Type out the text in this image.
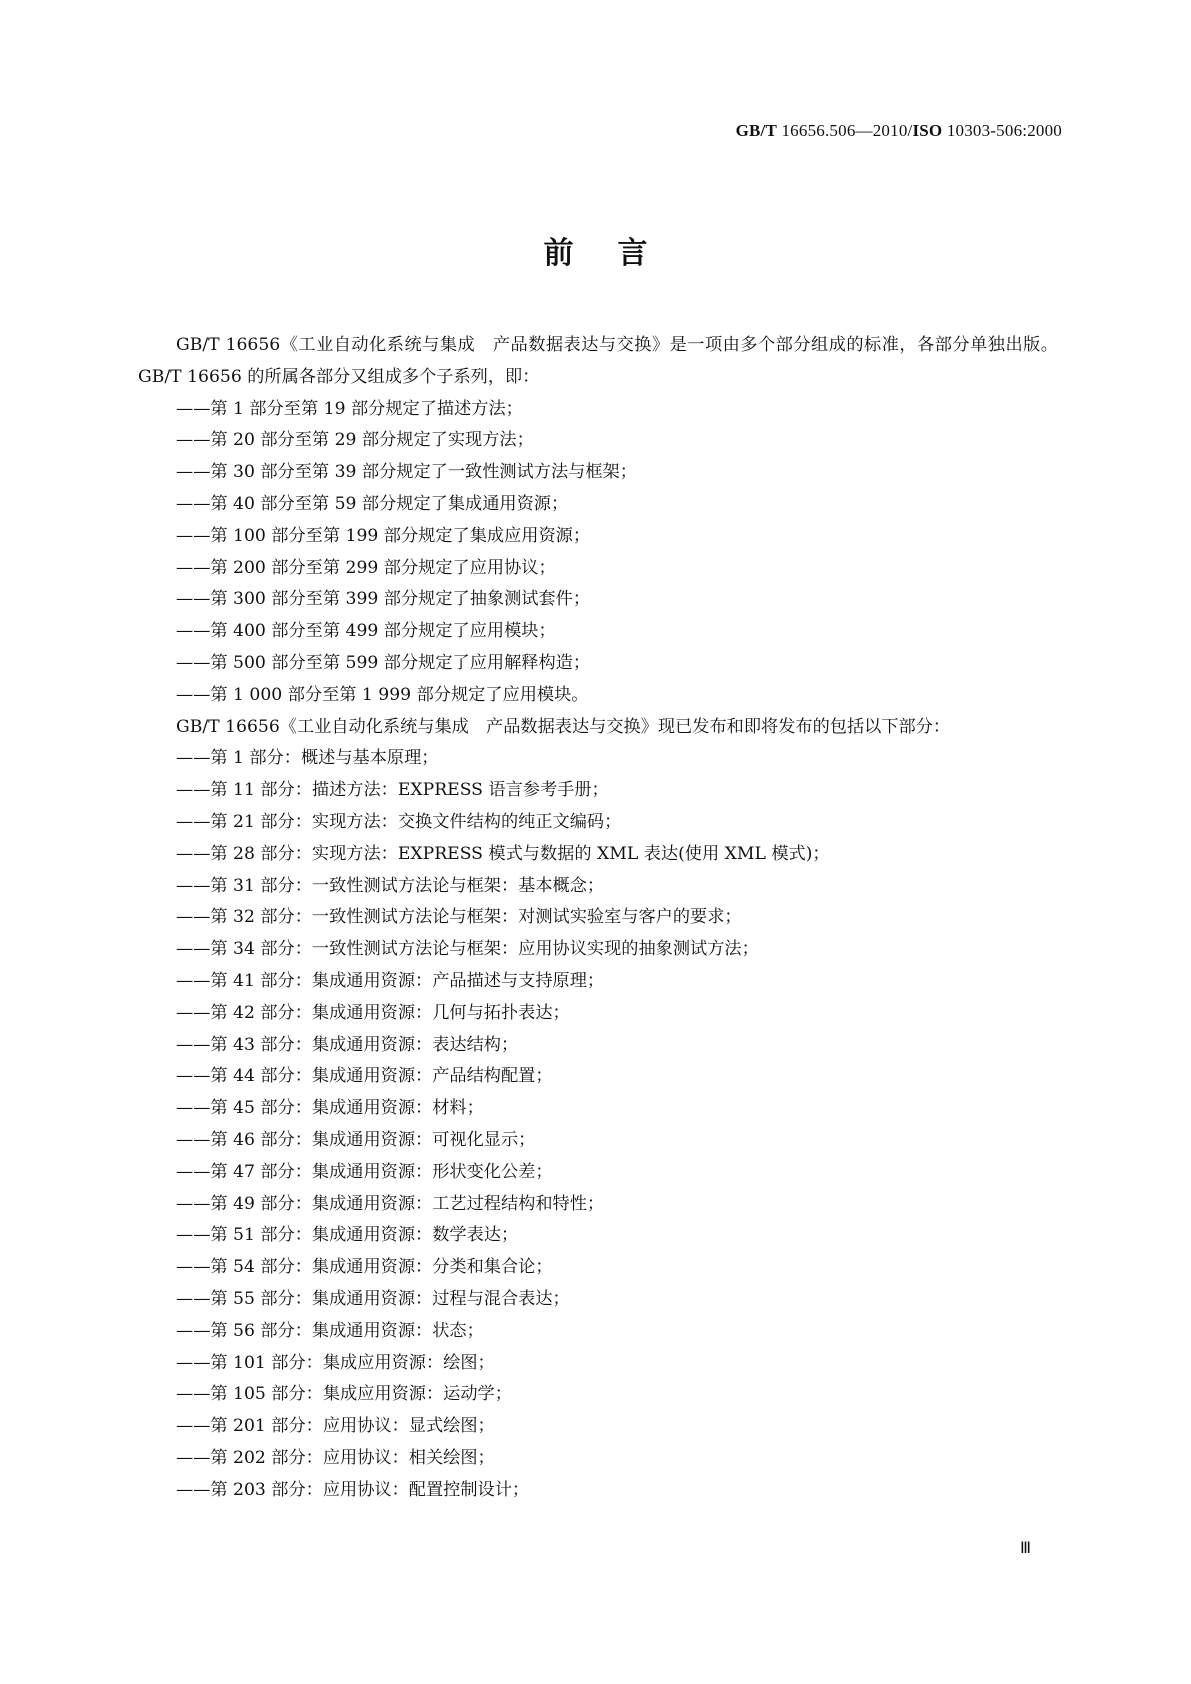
GB/T 16656.506—2010/ISO 10303-506:2000
前言

GB/T 16656《工业自动化系统与集成　产品数据表达与交换》是一项由多个部分组成的标准，各部分单独出版。GB/T 16656 的所属各部分又组成多个子系列，即：

——第 1 部分至第 19 部分规定了描述方法；

——第 20 部分至第 29 部分规定了实现方法；

——第 30 部分至第 39 部分规定了一致性测试方法与框架；

——第 40 部分至第 59 部分规定了集成通用资源；

——第 100 部分至第 199 部分规定了集成应用资源；

——第 200 部分至第 299 部分规定了应用协议；

——第 300 部分至第 399 部分规定了抽象测试套件；

——第 400 部分至第 499 部分规定了应用模块；

——第 500 部分至第 599 部分规定了应用解释构造；

——第 1 000 部分至第 1 999 部分规定了应用模块。

GB/T 16656《工业自动化系统与集成　产品数据表达与交换》现已发布和即将发布的包括以下部分：

——第 1 部分：概述与基本原理；

——第 11 部分：描述方法：EXPRESS 语言参考手册；

——第 21 部分：实现方法：交换文件结构的纯正文编码；

——第 28 部分：实现方法：EXPRESS 模式与数据的 XML 表达(使用 XML 模式)；

——第 31 部分：一致性测试方法论与框架：基本概念；

——第 32 部分：一致性测试方法论与框架：对测试实验室与客户的要求；

——第 34 部分：一致性测试方法论与框架：应用协议实现的抽象测试方法；

——第 41 部分：集成通用资源：产品描述与支持原理；

——第 42 部分：集成通用资源：几何与拓扑表达；

——第 43 部分：集成通用资源：表达结构；

——第 44 部分：集成通用资源：产品结构配置；

——第 45 部分：集成通用资源：材料；

——第 46 部分：集成通用资源：可视化显示；

——第 47 部分：集成通用资源：形状变化公差；

——第 49 部分：集成通用资源：工艺过程结构和特性；

——第 51 部分：集成通用资源：数学表达；

——第 54 部分：集成通用资源：分类和集合论；

——第 55 部分：集成通用资源：过程与混合表达；

——第 56 部分：集成通用资源：状态；

——第 101 部分：集成应用资源：绘图；

——第 105 部分：集成应用资源：运动学；

——第 201 部分：应用协议：显式绘图；

——第 202 部分：应用协议：相关绘图；

——第 203 部分：应用协议：配置控制设计；

Ⅲ
